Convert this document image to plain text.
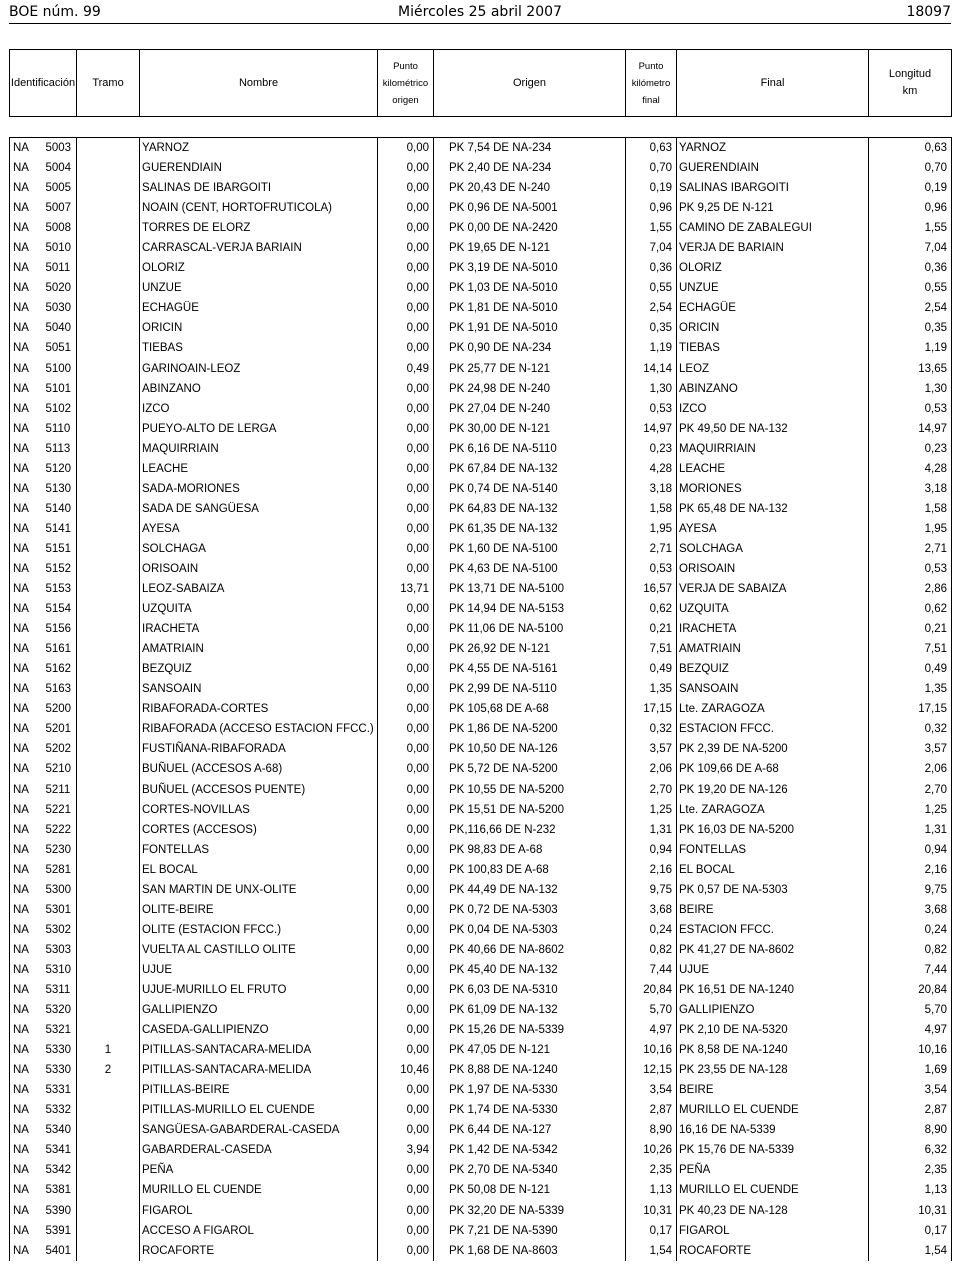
Miércoles 25 abril 2007
BOE núm. 99	18097
Identificación	Tramo	Nombre	
Punto
kilométrico
origen
	Origen	
Punto
kilómetro
final
	Final	
Longitud
km
NA	5003		YARNOZ	0,00	PK 7,54 DE NA-234	0,63	YARNOZ	0,63
NA	5004		GUERENDIAIN	0,00	PK 2,40 DE NA-234	0,70	GUERENDIAIN	0,70
NA	5005		SALINAS DE IBARGOITI	0,00	PK 20,43 DE N-240	0,19	SALINAS IBARGOITI	0,19
NA	5007		NOAIN (CENT, HORTOFRUTICOLA)	0,00	PK 0,96 DE NA-5001	0,96	PK 9,25 DE N-121	0,96
NA	5008		TORRES DE ELORZ	0,00	PK 0,00 DE NA-2420	1,55	CAMINO DE ZABALEGUI	1,55
NA	5010		CARRASCAL-VERJA BARIAIN	0,00	PK 19,65 DE N-121	7,04	VERJA DE BARIAIN	7,04
NA	5011		OLORIZ	0,00	PK 3,19 DE NA-5010	0,36	OLORIZ	0,36
NA	5020		UNZUE	0,00	PK 1,03 DE NA-5010	0,55	UNZUE	0,55
NA	5030		ECHAGÜE	0,00	PK 1,81 DE NA-5010	2,54	ECHAGÜE	2,54
NA	5040		ORICIN	0,00	PK 1,91 DE NA-5010	0,35	ORICIN	0,35
NA	5051		TIEBAS	0,00	PK 0,90 DE NA-234	1,19	TIEBAS	1,19
NA	5100		GARINOAIN-LEOZ	0,49	PK 25,77 DE N-121	14,14	LEOZ	13,65
NA	5101		ABINZANO	0,00	PK 24,98 DE N-240	1,30	ABINZANO	1,30
NA	5102		IZCO	0,00	PK 27,04 DE N-240	0,53	IZCO	0,53
NA	5110		PUEYO-ALTO DE LERGA	0,00	PK 30,00 DE N-121	14,97	PK 49,50 DE NA-132	14,97
NA	5113		MAQUIRRIAIN	0,00	PK 6,16 DE NA-5110	0,23	MAQUIRRIAIN	0,23
NA	5120		LEACHE	0,00	PK 67,84 DE NA-132	4,28	LEACHE	4,28
NA	5130		SADA-MORIONES	0,00	PK 0,74 DE NA-5140	3,18	MORIONES	3,18
NA	5140		SADA DE SANGÜESA	0,00	PK 64,83 DE NA-132	1,58	PK 65,48 DE NA-132	1,58
NA	5141		AYESA	0,00	PK 61,35 DE NA-132	1,95	AYESA	1,95
NA	5151		SOLCHAGA	0,00	PK 1,60 DE NA-5100	2,71	SOLCHAGA	2,71
NA	5152		ORISOAIN	0,00	PK 4,63 DE NA-5100	0,53	ORISOAIN	0,53
NA	5153		LEOZ-SABAIZA	13,71	PK 13,71 DE NA-5100	16,57	VERJA DE SABAIZA	2,86
NA	5154		UZQUITA	0,00	PK 14,94 DE NA-5153	0,62	UZQUITA	0,62
NA	5156		IRACHETA	0,00	PK 11,06 DE NA-5100	0,21	IRACHETA	0,21
NA	5161		AMATRIAIN	0,00	PK 26,92 DE N-121	7,51	AMATRIAIN	7,51
NA	5162		BEZQUIZ	0,00	PK 4,55 DE NA-5161	0,49	BEZQUIZ	0,49
NA	5163		SANSOAIN	0,00	PK 2,99 DE NA-5110	1,35	SANSOAIN	1,35
NA	5200		RIBAFORADA-CORTES	0,00	PK 105,68 DE A-68	17,15	Lte. ZARAGOZA	17,15
NA	5201		RIBAFORADA (ACCESO ESTACION FFCC.)	0,00	PK 1,86 DE NA-5200	0,32	ESTACION FFCC.	0,32
NA	5202		FUSTIÑANA-RIBAFORADA	0,00	PK 10,50 DE NA-126	3,57	PK 2,39 DE NA-5200	3,57
NA	5210		BUÑUEL (ACCESOS A-68)	0,00	PK 5,72 DE NA-5200	2,06	PK 109,66 DE A-68	2,06
NA	5211		BUÑUEL (ACCESOS PUENTE)	0,00	PK 10,55 DE NA-5200	2,70	PK 19,20 DE NA-126	2,70
NA	5221		CORTES-NOVILLAS	0,00	PK 15,51 DE NA-5200	1,25	Lte. ZARAGOZA	1,25
NA	5222		CORTES (ACCESOS)	0,00	PK,116,66 DE N-232	1,31	PK 16,03 DE NA-5200	1,31
NA	5230		FONTELLAS	0,00	PK 98,83 DE A-68	0,94	FONTELLAS	0,94
NA	5281		EL BOCAL	0,00	PK 100,83 DE A-68	2,16	EL BOCAL	2,16
NA	5300		SAN MARTIN DE UNX-OLITE	0,00	PK 44,49 DE NA-132	9,75	PK 0,57 DE NA-5303	9,75
NA	5301		OLITE-BEIRE	0,00	PK 0,72 DE NA-5303	3,68	BEIRE	3,68
NA	5302		OLITE (ESTACION FFCC.)	0,00	PK 0,04 DE NA-5303	0,24	ESTACION FFCC.	0,24
NA	5303		VUELTA AL CASTILLO OLITE	0,00	PK 40,66 DE NA-8602	0,82	PK 41,27 DE NA-8602	0,82
NA	5310		UJUE	0,00	PK 45,40 DE NA-132	7,44	UJUE	7,44
NA	5311		UJUE-MURILLO EL FRUTO	0,00	PK 6,03 DE NA-5310	20,84	PK 16,51 DE NA-1240	20,84
NA	5320		GALLIPIENZO	0,00	PK 61,09 DE NA-132	5,70	GALLIPIENZO	5,70
NA	5321		CASEDA-GALLIPIENZO	0,00	PK 15,26 DE NA-5339	4,97	PK 2,10 DE NA-5320	4,97
NA	5330	1	PITILLAS-SANTACARA-MELIDA	0,00	PK 47,05 DE N-121	10,16	PK 8,58 DE NA-1240	10,16
NA	5330	2	PITILLAS-SANTACARA-MELIDA	10,46	PK 8,88 DE NA-1240	12,15	PK 23,55 DE NA-128	1,69
NA	5331		PITILLAS-BEIRE	0,00	PK 1,97 DE NA-5330	3,54	BEIRE	3,54
NA	5332		PITILLAS-MURILLO EL CUENDE	0,00	PK 1,74 DE NA-5330	2,87	MURILLO EL CUENDE	2,87
NA	5340		SANGÜESA-GABARDERAL-CASEDA	0,00	PK 6,44 DE NA-127	8,90	16,16 DE NA-5339	8,90
NA	5341		GABARDERAL-CASEDA	3,94	PK 1,42 DE NA-5342	10,26	PK 15,76 DE NA-5339	6,32
NA	5342		PEÑA	0,00	PK 2,70 DE NA-5340	2,35	PEÑA	2,35
NA	5381		MURILLO EL CUENDE	0,00	PK 50,08 DE N-121	1,13	MURILLO EL CUENDE	1,13
NA	5390		FIGAROL	0,00	PK 32,20 DE NA-5339	10,31	PK 40,23 DE NA-128	10,31
NA	5391		ACCESO A FIGAROL	0,00	PK 7,21 DE NA-5390	0,17	FIGAROL	0,17
NA	5401		ROCAFORTE	0,00	PK 1,68 DE NA-8603	1,54	ROCAFORTE	1,54
